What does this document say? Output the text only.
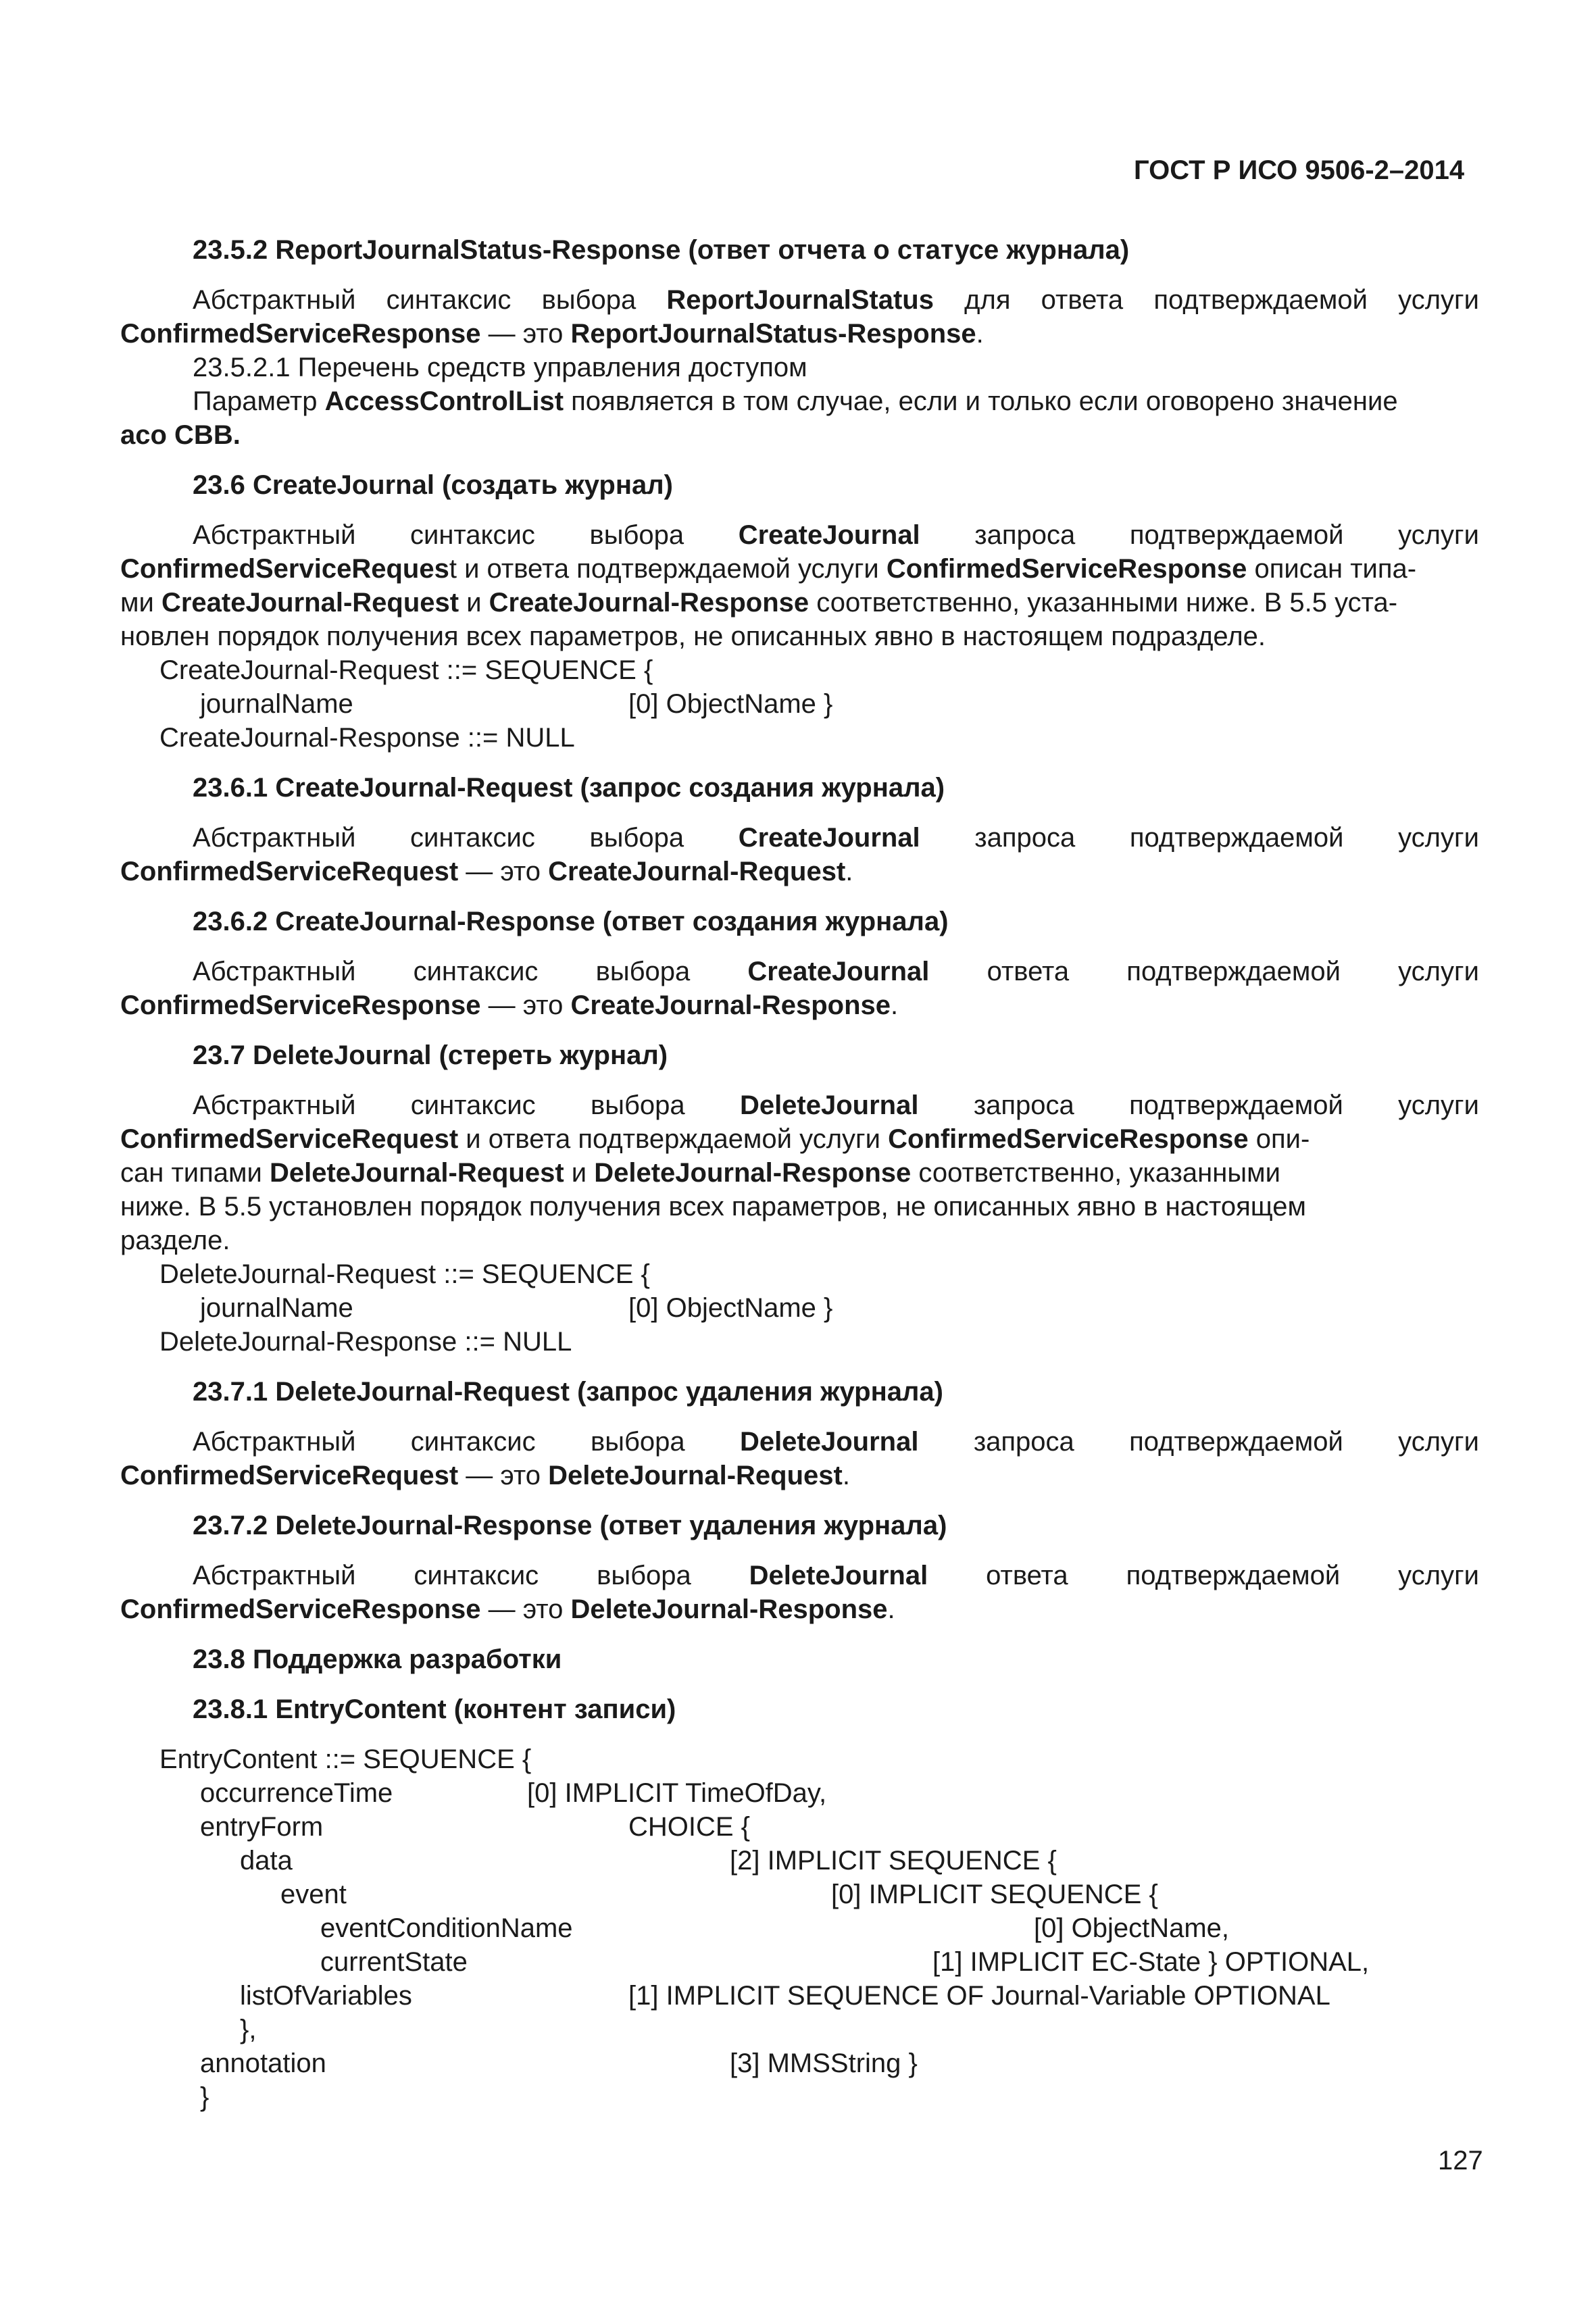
ГОСТ Р ИСО 9506-2–2014
23.5.2 ReportJournalStatus-Response (ответ отчета о статусе журнала)
Абстрактный синтаксис выбора ReportJournalStatus для ответа подтверждаемой услуги
ConfirmedServiceResponse — это ReportJournalStatus-Response.
23.5.2.1 Перечень средств управления доступом
Параметр AccessControlList появляется в том случае, если и только если оговорено значение
aco CBB.
23.6 CreateJournal (создать журнал)
Абстрактный синтаксис выбора CreateJournal запроса подтверждаемой услуги
ConfirmedServiceRequest и ответа подтверждаемой услуги ConfirmedServiceResponse описан типа-
ми CreateJournal-Request и CreateJournal-Response соответственно, указанными ниже. В 5.5 уста-
новлен порядок получения всех параметров, не описанных явно в настоящем подразделе.
CreateJournal-Request ::= SEQUENCE {
journalName	[0] ObjectName }
CreateJournal-Response ::= NULL
23.6.1 CreateJournal-Request (запрос создания журнала)
Абстрактный синтаксис выбора CreateJournal запроса подтверждаемой услуги
ConfirmedServiceRequest — это CreateJournal-Request.
23.6.2 CreateJournal-Response (ответ создания журнала)
Абстрактный синтаксис выбора CreateJournal ответа подтверждаемой услуги
ConfirmedServiceResponse — это CreateJournal-Response.
23.7 DeleteJournal (стереть журнал)
Абстрактный синтаксис выбора DeleteJournal запроса подтверждаемой услуги
ConfirmedServiceRequest и ответа подтверждаемой услуги ConfirmedServiceResponse опи-
сан типами DeleteJournal-Request и DeleteJournal-Response соответственно, указанными
ниже. В 5.5 установлен порядок получения всех параметров, не описанных явно в настоящем
разделе.
DeleteJournal-Request ::= SEQUENCE {
journalName	[0] ObjectName }
DeleteJournal-Response ::= NULL
23.7.1 DeleteJournal-Request (запрос удаления журнала)
Абстрактный синтаксис выбора DeleteJournal запроса подтверждаемой услуги
ConfirmedServiceRequest — это DeleteJournal-Request.
23.7.2 DeleteJournal-Response (ответ удаления журнала)
Абстрактный синтаксис выбора DeleteJournal ответа подтверждаемой услуги
ConfirmedServiceResponse — это DeleteJournal-Response.
23.8 Поддержка разработки
23.8.1 EntryContent (контент записи)
EntryContent ::= SEQUENCE {
occurrenceTime	[0] IMPLICIT TimeOfDay,
entryForm	CHOICE {
data	[2] IMPLICIT SEQUENCE {
event	[0] IMPLICIT SEQUENCE {
eventConditionName	[0] ObjectName,
currentState	[1] IMPLICIT EC-State } OPTIONAL,
listOfVariables	[1] IMPLICIT SEQUENCE OF Journal-Variable OPTIONAL
},
annotation	[3] MMSString }
}
127
